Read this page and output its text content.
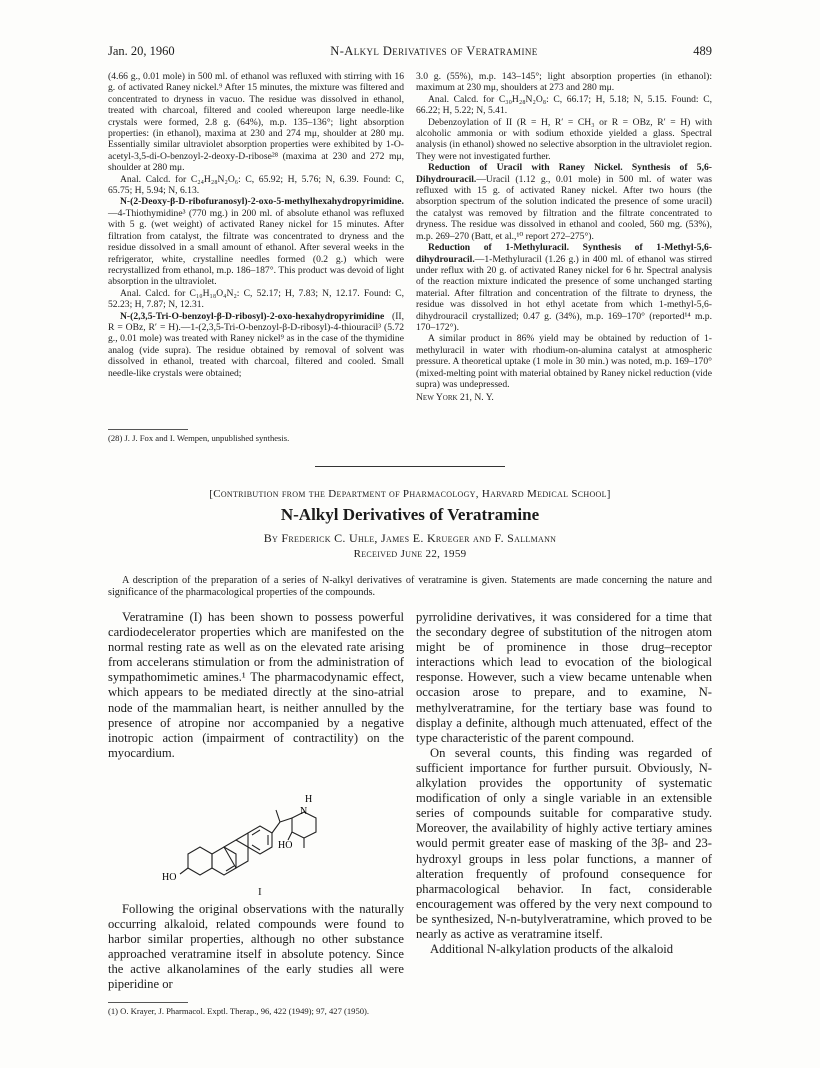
Jan. 20, 1960	N-Alkyl Derivatives of Veratramine	489

(4.66 g., 0.01 mole) in 500 ml. of ethanol was refluxed with stirring with 16 g. of activated Raney nickel.⁹ After 15 minutes, the mixture was filtered and concentrated to dryness in vacuo. The residue was dissolved in ethanol, treated with charcoal, filtered and cooled whereupon large needle-like crystals were formed, 2.8 g. (64%), m.p. 135–136°; light absorption properties: (in ethanol), maxima at 230 and 274 mμ, shoulder at 280 mμ. Essentially similar ultraviolet absorption properties were exhibited by 1-O-acetyl-3,5-di-O-benzoyl-2-deoxy-D-ribose²⁸ (maxima at 230 and 272 mμ, shoulder at 280 mμ.

Anal. Calcd. for C₂₄H₂₈N₂O₆: C, 65.92; H, 5.76; N, 6.39. Found: C, 65.75; H, 5.94; N, 6.13.

N-(2-Deoxy-β-D-ribofuranosyl)-2-oxo-5-methylhexahydropyrimidine.—4-Thiothymidine³ (770 mg.) in 200 ml. of absolute ethanol was refluxed with 5 g. (wet weight) of activated Raney nickel for 15 minutes. After filtration from catalyst, the filtrate was concentrated to dryness and the residue dissolved in a small amount of ethanol. After several weeks in the refrigerator, white, crystalline needles formed (0.2 g.) which were recrystallized from ethanol, m.p. 186–187°. This product was devoid of light absorption in the ultraviolet.

Anal. Calcd. for C₁₀H₁₈O₄N₂: C, 52.17; H, 7.83; N, 12.17. Found: C, 52.23; H, 7.87; N, 12.31.

N-(2,3,5-Tri-O-benzoyl-β-D-ribosyl)-2-oxo-hexahydropyrimidine (II, R = OBz, R′ = H).—1-(2,3,5-Tri-O-benzoyl-β-D-ribosyl)-4-thiouracil³ (5.72 g., 0.01 mole) was treated with Raney nickel⁹ as in the case of the thymidine analog (vide supra). The residue obtained by removal of solvent was dissolved in ethanol, treated with charcoal, filtered and cooled. Small needle-like crystals were obtained;

(28) J. J. Fox and I. Wempen, unpublished synthesis.

3.0 g. (55%), m.p. 143–145°; light absorption properties (in ethanol): maximum at 230 mμ, shoulders at 273 and 280 mμ.

Anal. Calcd. for C₃₀H₂₈N₂O₈: C, 66.17; H, 5.18; N, 5.15. Found: C, 66.22; H, 5.22; N, 5.41.

Debenzoylation of II (R = H, R′ = CH₃ or R = OBz, R′ = H) with alcoholic ammonia or with sodium ethoxide yielded a glass. Spectral analysis (in ethanol) showed no selective absorption in the ultraviolet region. They were not investigated further.

Reduction of Uracil with Raney Nickel. Synthesis of 5,6-Dihydrouracil.—Uracil (1.12 g., 0.01 mole) in 500 ml. of water was refluxed with 15 g. of activated Raney nickel. After two hours (the absorption spectrum of the solution indicated the presence of some uracil) the catalyst was removed by filtration and the filtrate concentrated to dryness. The residue was dissolved in ethanol and cooled, 560 mg. (53%), m.p. 269–270 (Batt, et al.,¹⁰ report 272–275°).

Reduction of 1-Methyluracil. Synthesis of 1-Methyl-5,6-dihydrouracil.—1-Methyluracil (1.26 g.) in 400 ml. of ethanol was stirred under reflux with 20 g. of activated Raney nickel for 6 hr. Spectral analysis of the reaction mixture indicated the presence of some unchanged starting material. After filtration and concentration of the filtrate to dryness, the residue was dissolved in hot ethyl acetate from which 1-methyl-5,6-dihydrouracil crystallized; 0.47 g. (34%), m.p. 169–170° (reported¹⁴ m.p. 170–172°).

A similar product in 86% yield may be obtained by reduction of 1-methyluracil in water with rhodium-on-alumina catalyst at atmospheric pressure. A theoretical uptake (1 mole in 30 min.) was noted, m.p. 169–170° (mixed-melting point with material obtained by Raney nickel reduction (vide supra) was undepressed.

New York 21, N. Y.

[Contribution from the Department of Pharmacology, Harvard Medical School]
N-Alkyl Derivatives of Veratramine
By Frederick C. Uhle, James E. Krueger and F. Sallmann
Received June 22, 1959
A description of the preparation of a series of N-alkyl derivatives of veratramine is given. Statements are made concerning the nature and significance of the pharmacological properties of the compounds.

Veratramine (I) has been shown to possess powerful cardiodecelerator properties which are manifested on the normal resting rate as well as on the elevated rate arising from accelerans stimulation or from the administration of sympathomimetic amines.¹ The pharmacodynamic effect, which appears to be mediated directly at the sino-atrial node of the mammalian heart, is neither annulled by the presence of atropine nor accompanied by a negative inotropic action (impairment of contractility) on the myocardium.

H
N
HO
HO
I

Following the original observations with the naturally occurring alkaloid, related compounds were found to harbor similar properties, although no other substance approached veratramine itself in absolute potency. Since the active alkanolamines of the early studies all were piperidine or

(1) O. Krayer, J. Pharmacol. Exptl. Therap., 96, 422 (1949); 97, 427 (1950).

pyrrolidine derivatives, it was considered for a time that the secondary degree of substitution of the nitrogen atom might be of prominence in those drug–receptor interactions which lead to evocation of the biological response. However, such a view became untenable when occasion arose to prepare, and to examine, N-methylveratramine, for the tertiary base was found to display a definite, although much attenuated, effect of the type characteristic of the parent compound.

On several counts, this finding was regarded of sufficient importance for further pursuit. Obviously, N-alkylation provides the opportunity of systematic modification of only a single variable in an extensible series of compounds suitable for comparative study. Moreover, the availability of highly active tertiary amines would permit greater ease of masking of the 3β- and 23-hydroxyl groups in less polar functions, a manner of alteration frequently of profound consequence for pharmacological behavior. In fact, considerable encouragement was offered by the very next compound to be synthesized, N-n-butylveratramine, which proved to be nearly as active as veratramine itself.

Additional N-alkylation products of the alkaloid
